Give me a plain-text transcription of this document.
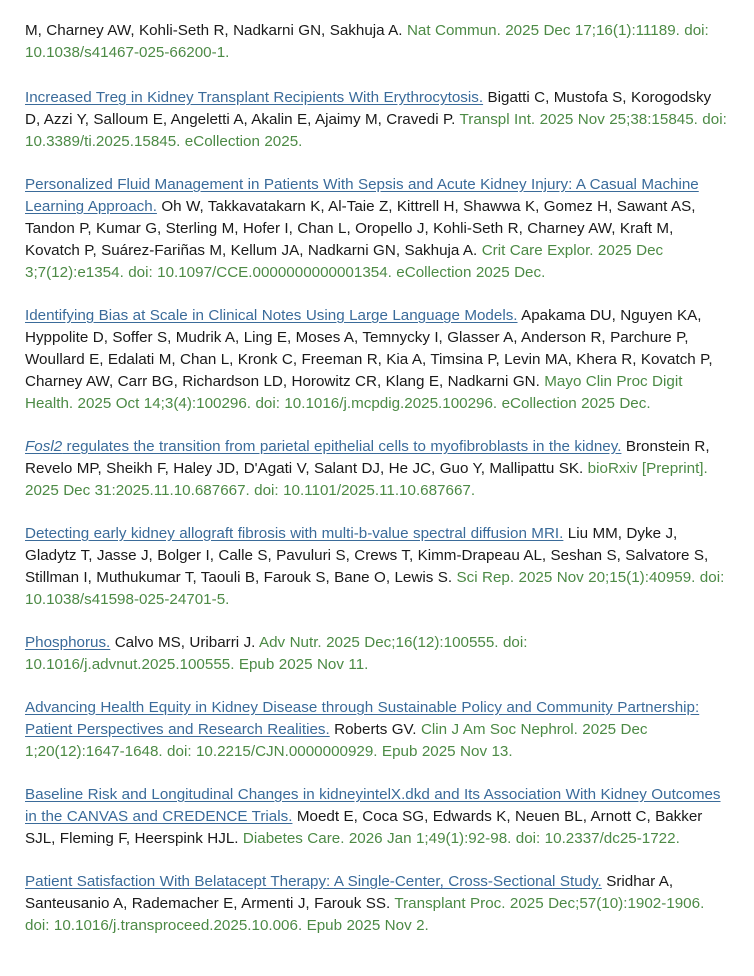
M, Charney AW, Kohli-Seth R, Nadkarni GN, Sakhuja A. Nat Commun. 2025 Dec 17;16(1):11189. doi: 10.1038/s41467-025-66200-1.

Increased Treg in Kidney Transplant Recipients With Erythrocytosis. Bigatti C, Mustofa S, Korogodsky D, Azzi Y, Salloum E, Angeletti A, Akalin E, Ajaimy M, Cravedi P. Transpl Int. 2025 Nov 25;38:15845. doi: 10.3389/ti.2025.15845. eCollection 2025.

Personalized Fluid Management in Patients With Sepsis and Acute Kidney Injury: A Casual Machine Learning Approach. Oh W, Takkavatakarn K, Al-Taie Z, Kittrell H, Shawwa K, Gomez H, Sawant AS, Tandon P, Kumar G, Sterling M, Hofer I, Chan L, Oropello J, Kohli-Seth R, Charney AW, Kraft M, Kovatch P, Suárez-Fariñas M, Kellum JA, Nadkarni GN, Sakhuja A. Crit Care Explor. 2025 Dec 3;7(12):e1354. doi: 10.1097/CCE.0000000000001354. eCollection 2025 Dec.

Identifying Bias at Scale in Clinical Notes Using Large Language Models. Apakama DU, Nguyen KA, Hyppolite D, Soffer S, Mudrik A, Ling E, Moses A, Temnycky I, Glasser A, Anderson R, Parchure P, Woullard E, Edalati M, Chan L, Kronk C, Freeman R, Kia A, Timsina P, Levin MA, Khera R, Kovatch P, Charney AW, Carr BG, Richardson LD, Horowitz CR, Klang E, Nadkarni GN. Mayo Clin Proc Digit Health. 2025 Oct 14;3(4):100296. doi: 10.1016/j.mcpdig.2025.100296. eCollection 2025 Dec.

Fosl2 regulates the transition from parietal epithelial cells to myofibroblasts in the kidney. Bronstein R, Revelo MP, Sheikh F, Haley JD, D'Agati V, Salant DJ, He JC, Guo Y, Mallipattu SK. bioRxiv [Preprint]. 2025 Dec 31:2025.11.10.687667. doi: 10.1101/2025.11.10.687667.

Detecting early kidney allograft fibrosis with multi-b-value spectral diffusion MRI. Liu MM, Dyke J, Gladytz T, Jasse J, Bolger I, Calle S, Pavuluri S, Crews T, Kimm-Drapeau AL, Seshan S, Salvatore S, Stillman I, Muthukumar T, Taouli B, Farouk S, Bane O, Lewis S. Sci Rep. 2025 Nov 20;15(1):40959. doi: 10.1038/s41598-025-24701-5.

Phosphorus. Calvo MS, Uribarri J. Adv Nutr. 2025 Dec;16(12):100555. doi: 10.1016/j.advnut.2025.100555. Epub 2025 Nov 11.

Advancing Health Equity in Kidney Disease through Sustainable Policy and Community Partnership: Patient Perspectives and Research Realities. Roberts GV. Clin J Am Soc Nephrol. 2025 Dec 1;20(12):1647-1648. doi: 10.2215/CJN.0000000929. Epub 2025 Nov 13.

Baseline Risk and Longitudinal Changes in kidneyintelX.dkd and Its Association With Kidney Outcomes in the CANVAS and CREDENCE Trials. Moedt E, Coca SG, Edwards K, Neuen BL, Arnott C, Bakker SJL, Fleming F, Heerspink HJL. Diabetes Care. 2026 Jan 1;49(1):92-98. doi: 10.2337/dc25-1722.

Patient Satisfaction With Belatacept Therapy: A Single-Center, Cross-Sectional Study. Sridhar A, Santeusanio A, Rademacher E, Armenti J, Farouk SS. Transplant Proc. 2025 Dec;57(10):1902-1906. doi: 10.1016/j.transproceed.2025.10.006. Epub 2025 Nov 2.
